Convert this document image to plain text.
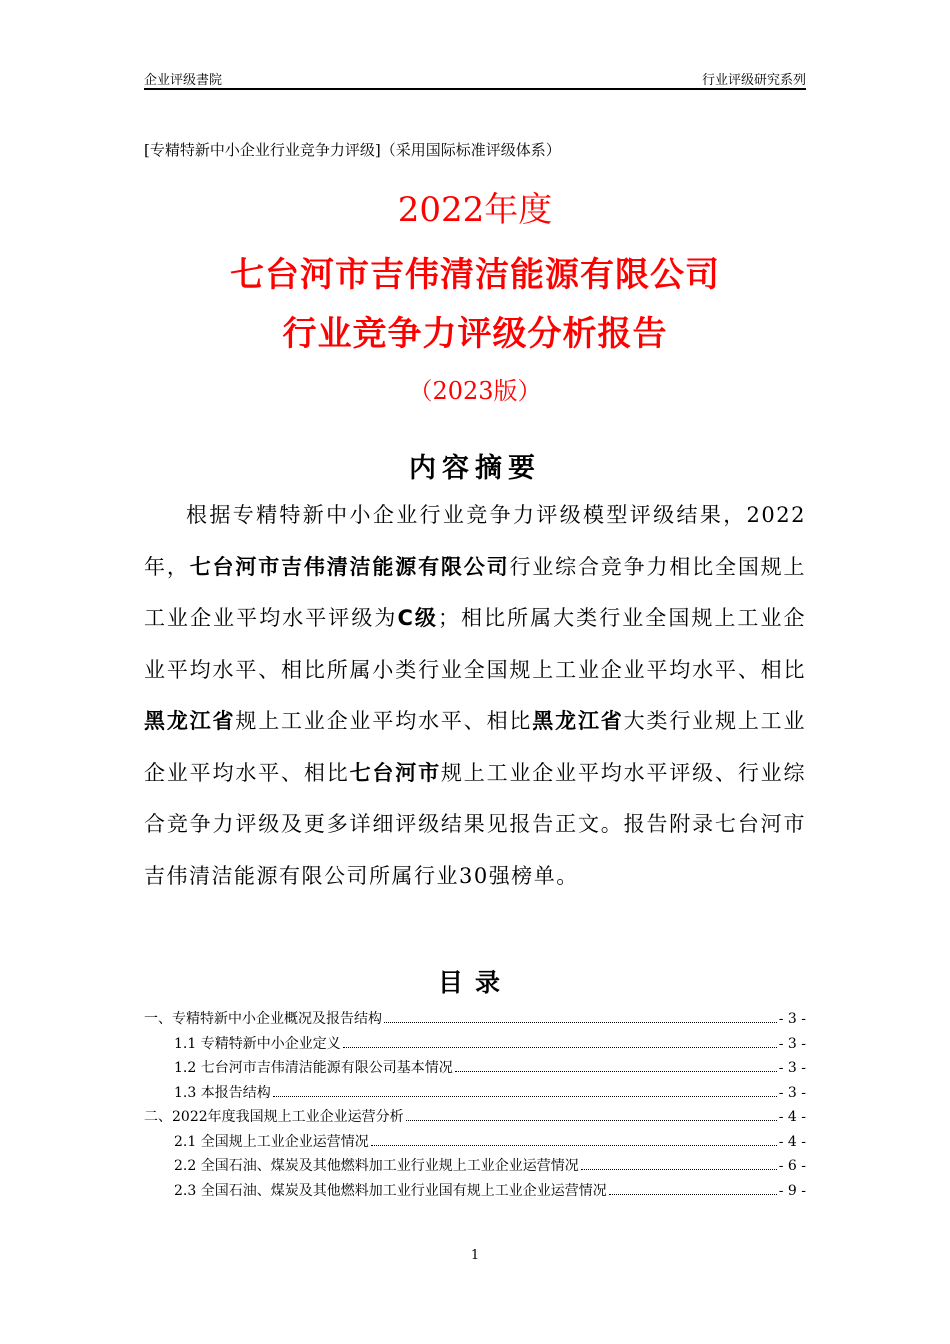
企业评级書院	行业评级研究系列
[专精特新中小企业行业竞争力评级]（采用国际标准评级体系）
2022年度
七台河市吉伟清洁能源有限公司
行业竞争力评级分析报告
（2023版）
内容摘要
根据专精特新中小企业行业竞争力评级模型评级结果，2022年，七台河市吉伟清洁能源有限公司行业综合竞争力相比全国规上工业企业平均水平评级为C级；相比所属大类行业全国规上工业企业平均水平、相比所属小类行业全国规上工业企业平均水平、相比黑龙江省规上工业企业平均水平、相比黑龙江省大类行业规上工业企业平均水平、相比七台河市规上工业企业平均水平评级、行业综合竞争力评级及更多详细评级结果见报告正文。报告附录七台河市吉伟清洁能源有限公司所属行业30强榜单。
目录
一、专精特新中小企业概况及报告结构	- 3 -
1.1 专精特新中小企业定义	- 3 -
1.2 七台河市吉伟清洁能源有限公司基本情况	- 3 -
1.3 本报告结构	- 3 -
二、2022年度我国规上工业企业运营分析	- 4 -
2.1 全国规上工业企业运营情况	- 4 -
2.2 全国石油、煤炭及其他燃料加工业行业规上工业企业运营情况	- 6 -
2.3 全国石油、煤炭及其他燃料加工业行业国有规上工业企业运营情况	- 9 -
1
